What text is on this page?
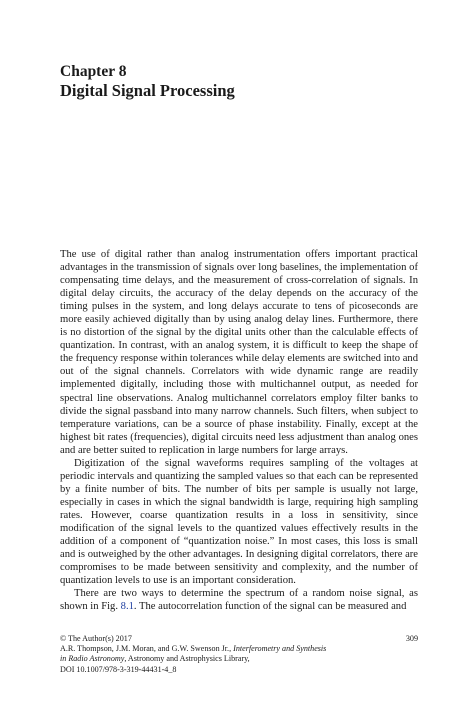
Chapter 8
Digital Signal Processing

The use of digital rather than analog instrumentation offers important practical advantages in the transmission of signals over long baselines, the implementation of compensating time delays, and the measurement of cross-correlation of signals. In digital delay circuits, the accuracy of the delay depends on the accuracy of the timing pulses in the system, and long delays accurate to tens of picoseconds are more easily achieved digitally than by using analog delay lines. Furthermore, there is no distortion of the signal by the digital units other than the calculable effects of quantization. In contrast, with an analog system, it is difficult to keep the shape of the frequency response within tolerances while delay elements are switched into and out of the signal channels. Correlators with wide dynamic range are readily implemented digitally, including those with multichannel output, as needed for spectral line observations. Analog multichannel correlators employ filter banks to divide the signal passband into many narrow channels. Such filters, when subject to temperature variations, can be a source of phase instability. Finally, except at the highest bit rates (frequencies), digital circuits need less adjustment than analog ones and are better suited to replication in large numbers for large arrays.

Digitization of the signal waveforms requires sampling of the voltages at periodic intervals and quantizing the sampled values so that each can be represented by a finite number of bits. The number of bits per sample is usually not large, especially in cases in which the signal bandwidth is large, requiring high sampling rates. However, coarse quantization results in a loss in sensitivity, since modification of the signal levels to the quantized values effectively results in the addition of a component of “quantization noise.” In most cases, this loss is small and is outweighed by the other advantages. In designing digital correlators, there are compromises to be made between sensitivity and complexity, and the number of quantization levels to use is an important consideration.

There are two ways to determine the spectrum of a random noise signal, as shown in Fig. 8.1. The autocorrelation function of the signal can be measured and

© The Author(s) 2017
A.R. Thompson, J.M. Moran, and G.W. Swenson Jr., Interferometry and Synthesis
in Radio Astronomy, Astronomy and Astrophysics Library,
DOI 10.1007/978-3-319-44431-4_8
309
